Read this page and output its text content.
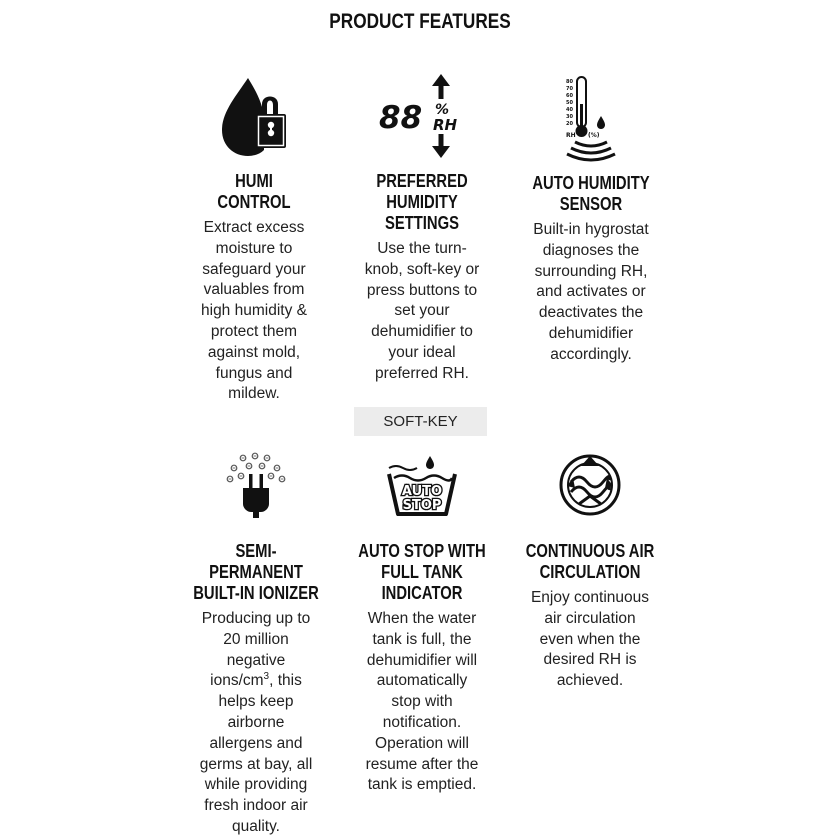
PRODUCT FEATURES
HUMI
CONTROL
Extract excess
moisture to
safeguard your
valuables from
high humidity &
protect them
against mold,
fungus and
mildew.
88 %
RH
PREFERRED
HUMIDITY
SETTINGS
Use the turn-
knob, soft-key or
press buttons to
set your
dehumidifier to
your ideal
preferred RH.
SOFT-KEY
80
70
60
50
40
30
20
RH (%)
AUTO HUMIDITY
SENSOR
Built-in hygrostat
diagnoses the
surrounding RH,
and activates or
deactivates the
dehumidifier
accordingly.
SEMI-
PERMANENT
BUILT-IN IONIZER
Producing up to
20 million
negative
ions/$cm^3$, this
helps keep
airborne
allergens and
germs at bay, all
while providing
fresh indoor air
quality.
AUTO
STOP
AUTO STOP WITH
FULL TANK
INDICATOR
When the water
tank is full, the
dehumidifier will
automatically
stop with
notification.
Operation will
resume after the
tank is emptied.
CONTINUOUS AIR
CIRCULATION
Enjoy continuous
air circulation
even when the
desired RH is
achieved.
